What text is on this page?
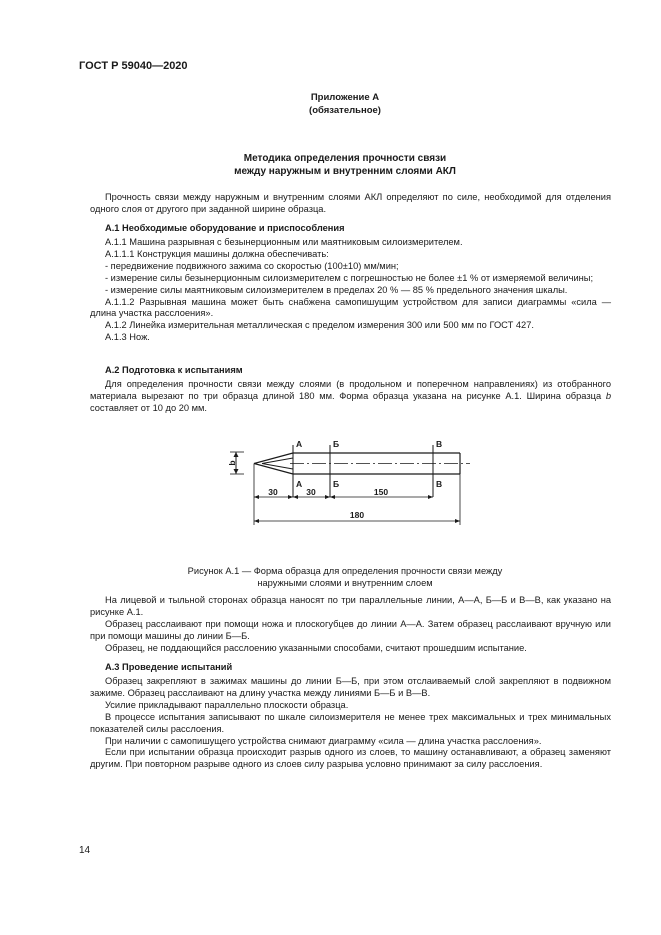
ГОСТ Р 59040—2020
Приложение А
(обязательное)
Методика определения прочности связи
между наружным и внутренним слоями АКЛ

Прочность связи между наружным и внутренним слоями АКЛ определяют по силе, необходимой для отделения одного слоя от другого при заданной ширине образца.

А.1 Необходимые оборудование и приспособления

А.1.1 Машина разрывная с безынерционным или маятниковым силоизмерителем.

А.1.1.1 Конструкция машины должна обеспечивать:

- передвижение подвижного зажима со скоростью (100±10) мм/мин;

- измерение силы безынерционным силоизмерителем с погрешностью не более ±1 % от измеряемой величины;

- измерение силы маятниковым силоизмерителем в пределах 20 % — 85 % предельного значения шкалы.

А.1.1.2 Разрывная машина может быть снабжена самопишущим устройством для записи диаграммы «сила — длина участка расслоения».

А.1.2 Линейка измерительная металлическая с пределом измерения 300 или 500 мм по ГОСТ 427.

А.1.3 Нож.

А.2 Подготовка к испытаниям

Для определения прочности связи между слоями (в продольном и поперечном направлениях) из отобранного материала вырезают по три образца длиной 180 мм. Форма образца указана на рисунке А.1. Ширина образца b составляет от 10 до 20 мм.

b
А	Б	В
А	Б	В
30	30	150
180
Рисунок А.1 — Форма образца для определения прочности связи между
наружными слоями и внутренним слоем

На лицевой и тыльной сторонах образца наносят по три параллельные линии, А—А, Б—Б и В—В, как указано на рисунке А.1.

Образец расслаивают при помощи ножа и плоскогубцев до линии А—А. Затем образец расслаивают вручную или при помощи машины до линии Б—Б.

Образец, не поддающийся расслоению указанными способами, считают прошедшим испытание.

А.3 Проведение испытаний

Образец закрепляют в зажимах машины до линии Б—Б, при этом отслаиваемый слой закрепляют в подвижном зажиме. Образец расслаивают на длину участка между линиями Б—Б и В—В.

Усилие прикладывают параллельно плоскости образца.

В процессе испытания записывают по шкале силоизмерителя не менее трех максимальных и трех минимальных показателей силы расслоения.

При наличии с самопишущего устройства снимают диаграмму «сила — длина участка расслоения».

Если при испытании образца происходит разрыв одного из слоев, то машину останавливают, а образец заменяют другим. При повторном разрыве одного из слоев силу разрыва условно принимают за силу расслоения.

14
